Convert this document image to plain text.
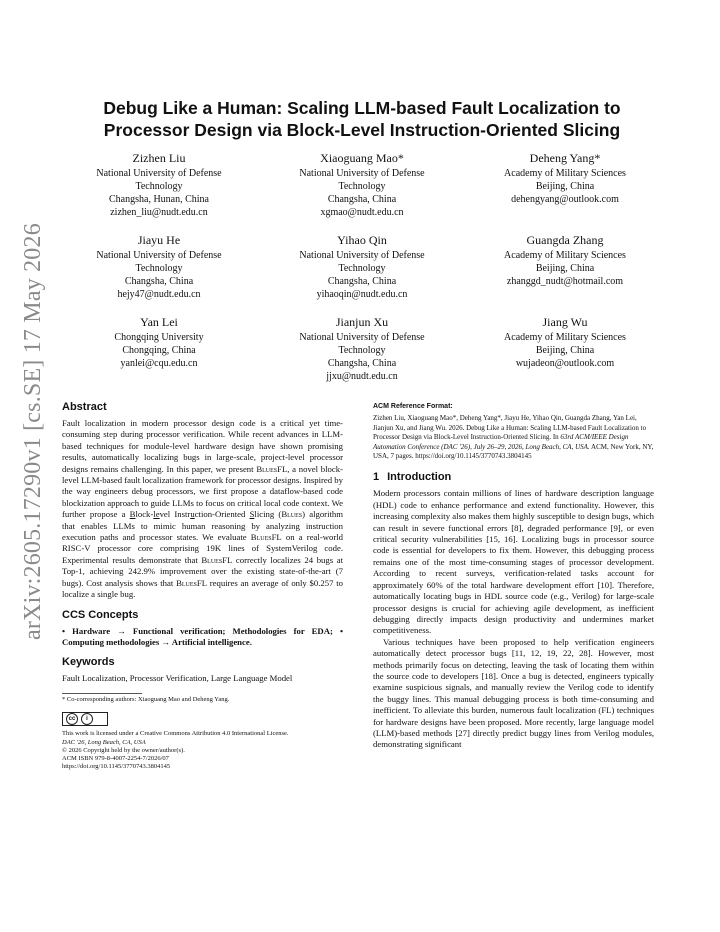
arXiv:2605.17290v1 [cs.SE] 17 May 2026
Debug Like a Human: Scaling LLM-based Fault Localization to Processor Design via Block-Level Instruction-Oriented Slicing
Zizhen Liu
National University of Defense
Technology
Changsha, Hunan, China
zizhen_liu@nudt.edu.cn
Xiaoguang Mao*
National University of Defense
Technology
Changsha, China
xgmao@nudt.edu.cn
Deheng Yang*
Academy of Military Sciences
Beijing, China
dehengyang@outlook.com
Jiayu He
National University of Defense
Technology
Changsha, China
hejy47@nudt.edu.cn
Yihao Qin
National University of Defense
Technology
Changsha, China
yihaoqin@nudt.edu.cn
Guangda Zhang
Academy of Military Sciences
Beijing, China
zhanggd_nudt@hotmail.com
Yan Lei
Chongqing University
Chongqing, China
yanlei@cqu.edu.cn
Jianjun Xu
National University of Defense
Technology
Changsha, China
jjxu@nudt.edu.cn
Jiang Wu
Academy of Military Sciences
Beijing, China
wujadeon@outlook.com
Abstract

Fault localization in modern processor design code is a critical yet time-consuming step during processor verification. While recent advances in LLM-based techniques for module-level hardware design have shown promising results, automatically localizing bugs in large-scale, project-level processor designs remains challenging. In this paper, we present BluesFL, a novel block-level LLM-based fault localization framework for processor designs. Inspired by the way engineers debug processors, we first propose a dataflow-based code blockization approach to guide LLMs to focus on critical local code context. We further propose a Block-level Instruction-Oriented Slicing (Blues) algorithm that enables LLMs to mimic human reasoning by analyzing instruction execution paths and processor states. We evaluate BluesFL on a real-world RISC-V processor core comprising 19K lines of SystemVerilog code. Experimental results demonstrate that BluesFL correctly localizes 24 bugs at Top-1, achieving 242.9% improvement over the existing state-of-the-art (7 bugs). Cost analysis shows that BluesFL requires an average of only $0.257 to localize a single bug.

CCS Concepts

• Hardware → Functional verification; Methodologies for EDA; • Computing methodologies → Artificial intelligence.

Keywords

Fault Localization, Processor Verification, Large Language Model

* Co-corresponding authors: Xiaoguang Mao and Deheng Yang.
cc	i
This work is licensed under a Creative Commons Attribution 4.0 International License.
DAC '26, Long Beach, CA, USA
© 2026 Copyright held by the owner/author(s).
ACM ISBN 979-8-4007-2254-7/2026/07
https://doi.org/10.1145/3770743.3804145
ACM Reference Format:
Zizhen Liu, Xiaoguang Mao*, Deheng Yang*, Jiayu He, Yihao Qin, Guangda Zhang, Yan Lei, Jianjun Xu, and Jiang Wu. 2026. Debug Like a Human: Scaling LLM-based Fault Localization to Processor Design via Block-Level Instruction-Oriented Slicing. In 63rd ACM/IEEE Design Automation Conference (DAC '26), July 26–29, 2026, Long Beach, CA, USA. ACM, New York, NY, USA, 7 pages. https://doi.org/10.1145/3770743.3804145
1 Introduction

Modern processors contain millions of lines of hardware description language (HDL) code to enhance performance and extend functionality. However, this increasing complexity also makes them highly susceptible to design bugs, which can result in severe functional errors [8], degraded performance [9], or even critical security vulnerabilities [15, 16]. Localizing bugs in processor source code is essential for developers to fix them. However, this debugging process remains one of the most time-consuming stages of processor development. According to recent surveys, verification-related tasks account for approximately 60% of the total hardware development effort [10]. Therefore, automatically locating bugs in HDL source code (e.g., Verilog) for large-scale processor designs is crucial for achieving agile development, as inefficient debugging directly impacts design productivity and undermines market competitiveness.

Various techniques have been proposed to help verification engineers automatically detect processor bugs [11, 12, 19, 22, 28]. However, most methods primarily focus on detecting, leaving the task of locating them within the source code to developers [18]. Once a bug is detected, engineers typically examine suspicious signals, and manually review the Verilog code to identify the buggy lines. This manual debugging process is both time-consuming and inefficient. To alleviate this burden, numerous fault localization (FL) techniques for hardware designs have been proposed. More recently, large language model (LLM)-based methods [27] directly predict buggy lines from Verilog modules, demonstrating significant
